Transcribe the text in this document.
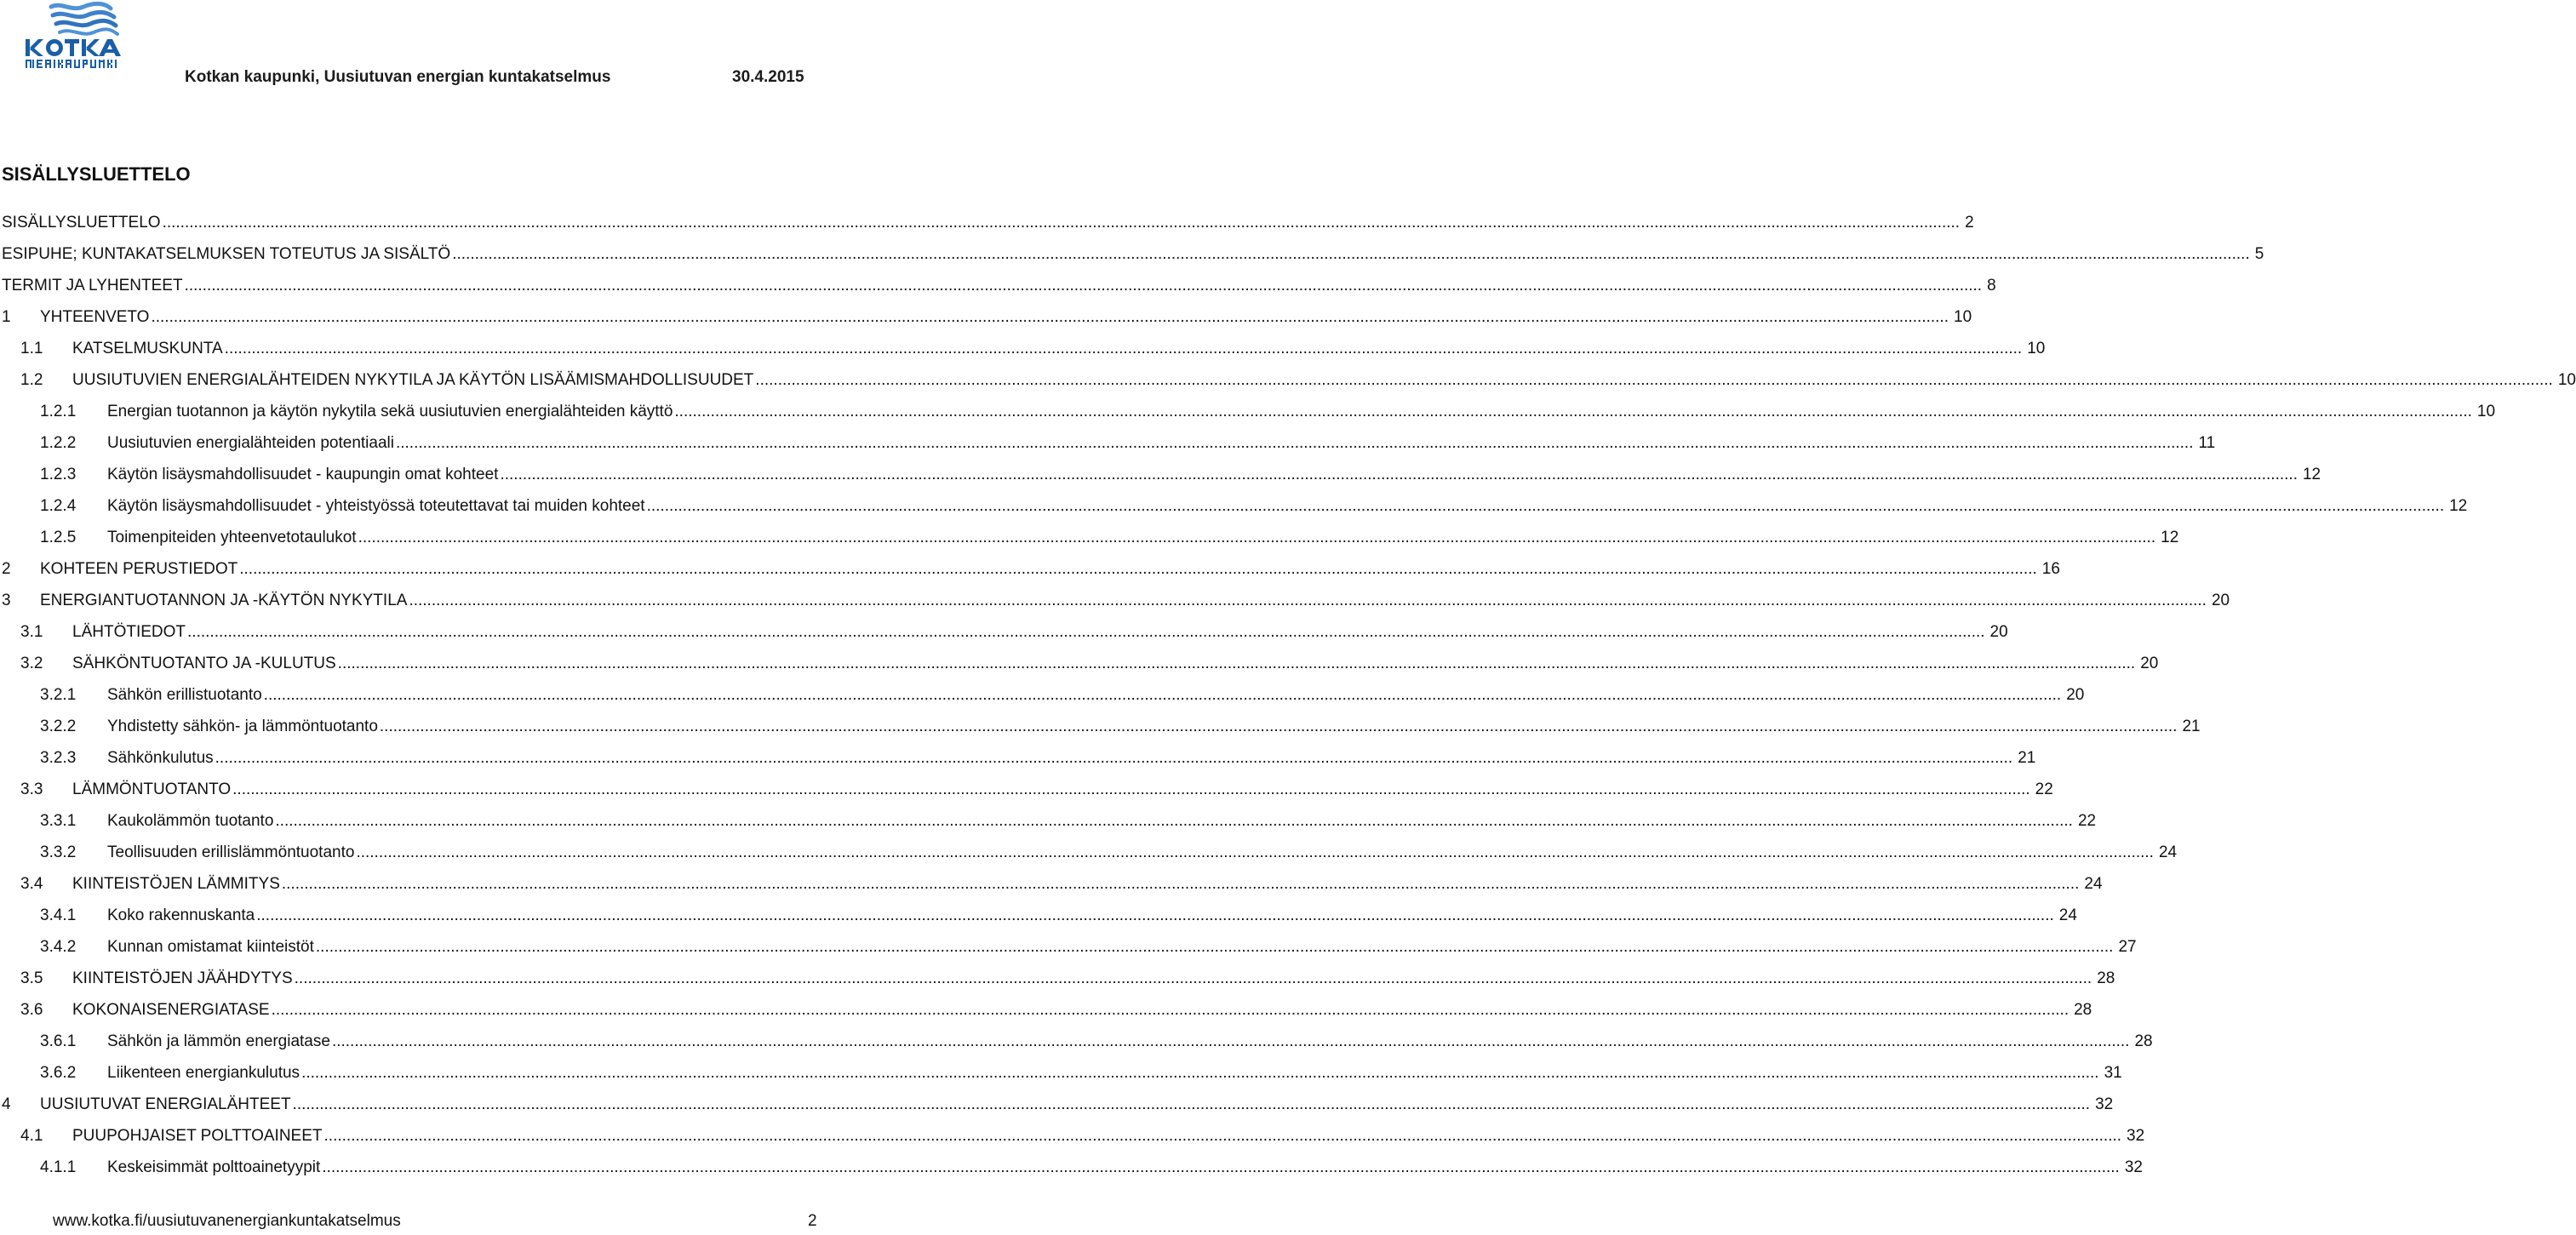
Kotkan kaupunki, Uusiutuvan energian kuntakatselmus	30.4.2015
SISÄLLYSLUETTELO
SISÄLLYSLUETTELO ................................................................................................................................................................................................................................................................................................................................................................................................................ 2
ESIPUHE; KUNTAKATSELMUKSEN TOTEUTUS JA SISÄLTÖ ................................................................................................................................................................................................................................................................................................................................................................................................................ 5
TERMIT JA LYHENTEET ................................................................................................................................................................................................................................................................................................................................................................................................................ 8
1 YHTEENVETO ................................................................................................................................................................................................................................................................................................................................................................................................................ 10
1.1 KATSELMUSKUNTA ................................................................................................................................................................................................................................................................................................................................................................................................................ 10
1.2 UUSIUTUVIEN ENERGIALÄHTEIDEN NYKYTILA JA KÄYTÖN LISÄÄMISMAHDOLLISUUDET ................................................................................................................................................................................................................................................................................................................................................................................................................ 10
1.2.1 Energian tuotannon ja käytön nykytila sekä uusiutuvien energialähteiden käyttö ................................................................................................................................................................................................................................................................................................................................................................................................................ 10
1.2.2 Uusiutuvien energialähteiden potentiaali ................................................................................................................................................................................................................................................................................................................................................................................................................ 11
1.2.3 Käytön lisäysmahdollisuudet - kaupungin omat kohteet ................................................................................................................................................................................................................................................................................................................................................................................................................ 12
1.2.4 Käytön lisäysmahdollisuudet - yhteistyössä toteutettavat tai muiden kohteet ................................................................................................................................................................................................................................................................................................................................................................................................................ 12
1.2.5 Toimenpiteiden yhteenvetotaulukot ................................................................................................................................................................................................................................................................................................................................................................................................................ 12
2 KOHTEEN PERUSTIEDOT ................................................................................................................................................................................................................................................................................................................................................................................................................ 16
3 ENERGIANTUOTANNON JA -KÄYTÖN NYKYTILA ................................................................................................................................................................................................................................................................................................................................................................................................................ 20
3.1 LÄHTÖTIEDOT ................................................................................................................................................................................................................................................................................................................................................................................................................ 20
3.2 SÄHKÖNTUOTANTO JA -KULUTUS ................................................................................................................................................................................................................................................................................................................................................................................................................ 20
3.2.1 Sähkön erillistuotanto ................................................................................................................................................................................................................................................................................................................................................................................................................ 20
3.2.2 Yhdistetty sähkön- ja lämmöntuotanto ................................................................................................................................................................................................................................................................................................................................................................................................................ 21
3.2.3 Sähkönkulutus ................................................................................................................................................................................................................................................................................................................................................................................................................ 21
3.3 LÄMMÖNTUOTANTO ................................................................................................................................................................................................................................................................................................................................................................................................................ 22
3.3.1 Kaukolämmön tuotanto ................................................................................................................................................................................................................................................................................................................................................................................................................ 22
3.3.2 Teollisuuden erillislämmöntuotanto ................................................................................................................................................................................................................................................................................................................................................................................................................ 24
3.4 KIINTEISTÖJEN LÄMMITYS ................................................................................................................................................................................................................................................................................................................................................................................................................ 24
3.4.1 Koko rakennuskanta ................................................................................................................................................................................................................................................................................................................................................................................................................ 24
3.4.2 Kunnan omistamat kiinteistöt ................................................................................................................................................................................................................................................................................................................................................................................................................ 27
3.5 KIINTEISTÖJEN JÄÄHDYTYS ................................................................................................................................................................................................................................................................................................................................................................................................................ 28
3.6 KOKONAISENERGIATASE ................................................................................................................................................................................................................................................................................................................................................................................................................ 28
3.6.1 Sähkön ja lämmön energiatase ................................................................................................................................................................................................................................................................................................................................................................................................................ 28
3.6.2 Liikenteen energiankulutus ................................................................................................................................................................................................................................................................................................................................................................................................................ 31
4 UUSIUTUVAT ENERGIALÄHTEET ................................................................................................................................................................................................................................................................................................................................................................................................................ 32
4.1 PUUPOHJAISET POLTTOAINEET ................................................................................................................................................................................................................................................................................................................................................................................................................ 32
4.1.1 Keskeisimmät polttoainetyypit ................................................................................................................................................................................................................................................................................................................................................................................................................ 32
www.kotka.fi/uusiutuvanenergiankuntakatselmus	2
